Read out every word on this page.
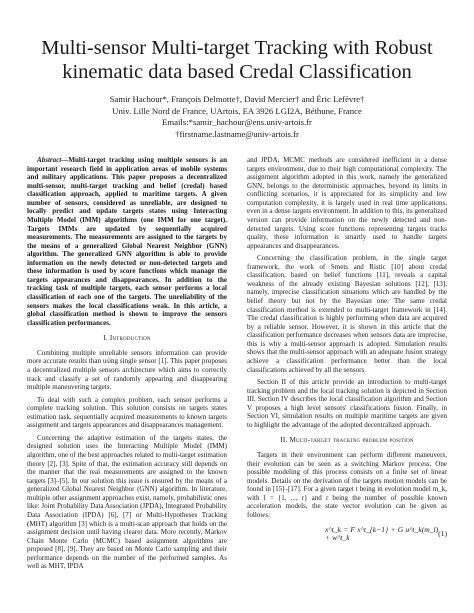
Multi-sensor Multi-target Tracking with Robust
kinematic data based Credal Classification
Samir Hachour*, François Delmotte†, David Mercier† and Éric Lefèvre†
Univ. Lille Nord de France, UArtois, EA 3926 LGI2A, Béthune, France
Emails:*samir_hachour@ens.univ-artois.fr
†firstname.lastname@univ-artois.fr

Abstract—Multi-target tracking using multiple sensors is an important research field in application areas of mobile systems and military applications. This paper proposes a decentralized multi-sensor, multi-target tracking and belief (credal) based classification approach, applied to maritime targets. A given number of sensors, considered as unreliable, are designed to locally predict and update targets states using Interacting Multiple Model (IMM) algorithms (one IMM for one target). Targets IMMs are updated by sequentially acquired measurements. The measurements are assigned to the targets by the means of a generalized Global Nearest Neighbor (GNN) algorithm. The generalized GNN algorithm is able to provide information on the newly detected or non-detected targets and these information is used by score functions which manage the targets appearances and disappearances. In addition to the tracking task of multiple targets, each sensor performs a local classification of each one of the targets. The unreliability of the sensors makes the local classifications weak. In this article, a global classification method is shown to improve the sensors classification performances.

I. Introduction

Combining multiple unreliable sensors information can provide more accurate results than using single sensor [1]. This paper proposes a decentralized multiple sensors architecture which aims to correctly track and classify a set of randomly appearing and disappearing multiple maneuvering targets.

To deal with such a complex problem, each sensor performs a complete tracking solution. This solution consists on targets states estimation task, sequentially acquired measurements to known targets assignment and targets appearances and disappearances management.

Concerning the adaptive estimation of the targets states, the designed solution uses the Interacting Multiple Model (IMM) algorithm, one of the best approaches related to multi-target estimation theory [2], [3]. Spite of that, the estimation accuracy still depends on the manner that the real measurements are assigned to the known targets [3]–[5]. In our solution this issue is ensured by the means of a generalized Global Nearest Neighbor (GNN) algorithm. In literature, multiple other assignment approaches exist, namely, probabilistic ones like: Joint Probability Data Association (JPDA), Integrated Probability Data Association (IPDA) [6], [7] or Multi-Hypotheses Tracking (MHT) algorithm [3] which is a multi-scan approach that holds on the assignment decision until having clearer data. More recently, Markov Chain Monte Carlo (MCMC) based assignment algorithms are proposed [8], [9]. They are based on Monte Carlo sampling and their performance depends on the number of the performed samples. As well as MHT, IPDA

and JPDA, MCMC methods are considered inefficient in a dense targets environment, due to their high computational complexity. The assignment algorithm adopted in this work, namely the generalized GNN, belongs to the deterministic approaches, beyond its limits in conflicting scenarios, it is appreciated for its simplicity and low computation complexity, it is largely used in real time applications, even in a dense targets environment. In addition to this, its generalized version can provide information on the newly detected and non-detected targets. Using score functions representing targets tracks quality, these information is smartly used to handle targets appearances and disappearances.

Concerning the classification problem, in the single target framework, the work of Smets and Ristic [10] about credal classification, based on belief functions [11], reveals a capital weakness of the already existing Bayesian solutions [12], [13], namely, imprecise classification situations which are handled by the belief theory but not by the Bayesian one. The same credal classification method is extended to multi-target framework in [14]. The credal classification is highly performing when data are acquired by a reliable sensor. However, it is shown in this article that the classification performance decreases when sensors data are imprecise, this is why a multi-sensor approach is adopted. Simulation results shows that the multi-sensor approach with an adequate fusion strategy achieve a classification performance better than the local classifications achieved by all the sensors.

Section II of this article provide an introduction to multi-target tracking problem and the local tracking solution is depicted in Section III. Section IV describes the local classification algorithm and Section V proposes a high level sensors' classifications fusion. Finally, in Section VI, simulation results on multiple maritime targets are given to highlight the advantage of the adopted decentralized approach.

II. Multi-target tracking problem position

Targets in their environment can perform different maneuvers, their evolution can be seen as a switching Markov process. One possible modeling of this process consists on a finite set of linear models. Details on the derivation of the targets motion models can be found in [15]–[17]. For a given target t being in evolution model m_k, with l = {1, ..., r} and r being the number of possible known acceleration models, the state vector evolution can be given as follows:

x^t_k = F x^t_{k−1} + G u^t_k(m_l) + w^t_k	(1)
